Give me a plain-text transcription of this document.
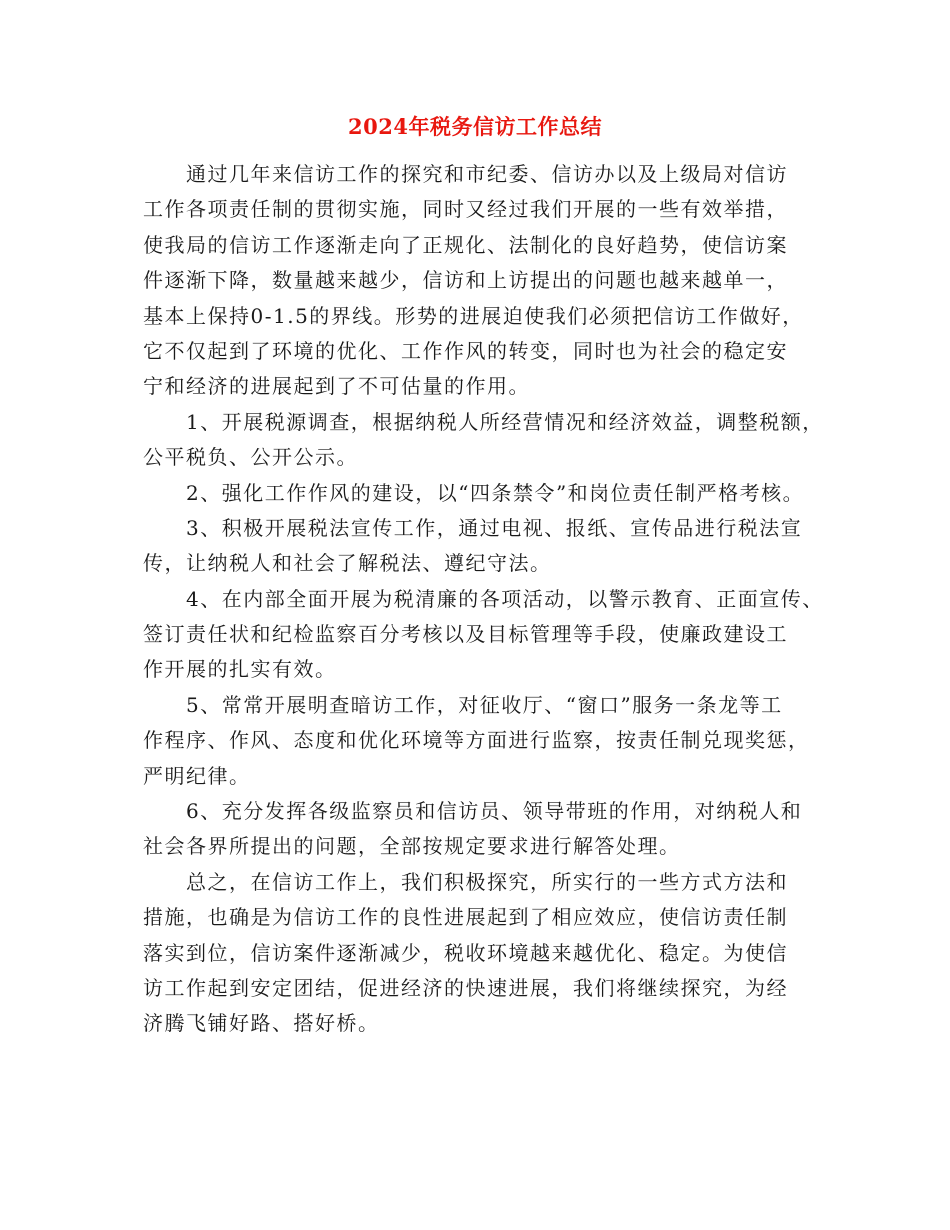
2024年税务信访工作总结
通过几年来信访工作的探究和市纪委、信访办以及上级局对信访
工作各项责任制的贯彻实施，同时又经过我们开展的一些有效举措，
使我局的信访工作逐渐走向了正规化、法制化的良好趋势，使信访案
件逐渐下降，数量越来越少，信访和上访提出的问题也越来越单一，
基本上保持0-1.5的界线。形势的进展迫使我们必须把信访工作做好，
它不仅起到了环境的优化、工作作风的转变，同时也为社会的稳定安
宁和经济的进展起到了不可估量的作用。
1、开展税源调查，根据纳税人所经营情况和经济效益，调整税额，
公平税负、公开公示。
2、强化工作作风的建设，以“四条禁令”和岗位责任制严格考核。
3、积极开展税法宣传工作，通过电视、报纸、宣传品进行税法宣
传，让纳税人和社会了解税法、遵纪守法。
4、在内部全面开展为税清廉的各项活动，以警示教育、正面宣传、
签订责任状和纪检监察百分考核以及目标管理等手段，使廉政建设工
作开展的扎实有效。
5、常常开展明查暗访工作，对征收厅、“窗口”服务一条龙等工
作程序、作风、态度和优化环境等方面进行监察，按责任制兑现奖惩，
严明纪律。
6、充分发挥各级监察员和信访员、领导带班的作用，对纳税人和
社会各界所提出的问题，全部按规定要求进行解答处理。
总之，在信访工作上，我们积极探究，所实行的一些方式方法和
措施，也确是为信访工作的良性进展起到了相应效应，使信访责任制
落实到位，信访案件逐渐减少，税收环境越来越优化、稳定。为使信
访工作起到安定团结，促进经济的快速进展，我们将继续探究，为经
济腾飞铺好路、搭好桥。
